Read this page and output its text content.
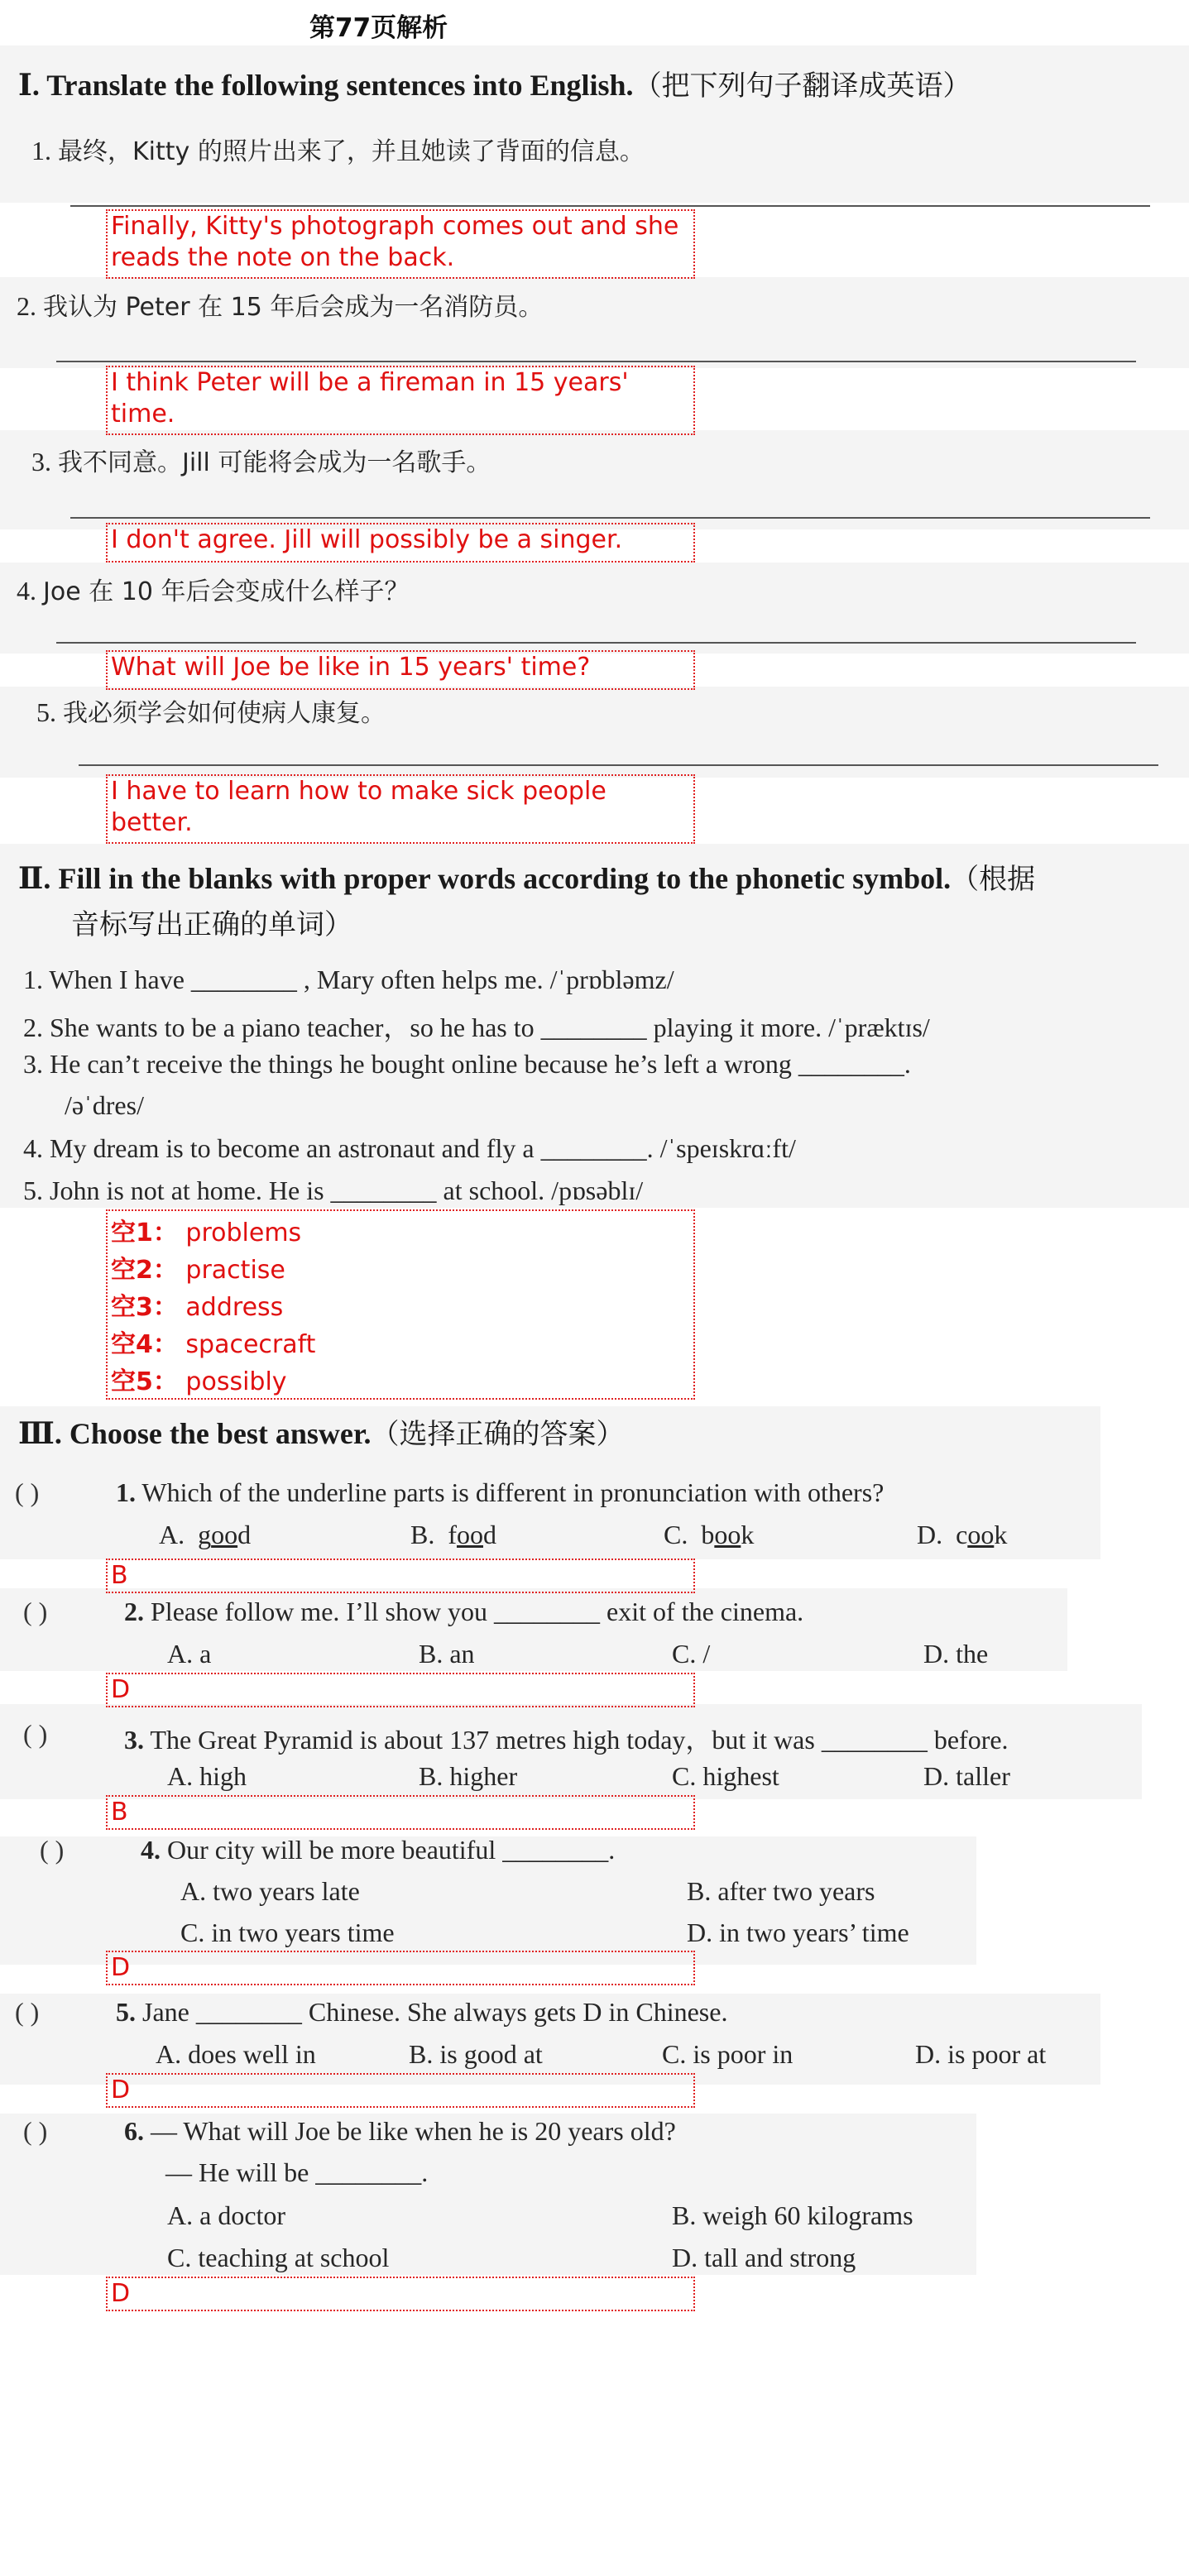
第77页解析
Ⅰ. Translate the following sentences into English.（把下列句子翻译成英语）
1. 最终，Kitty 的照片出来了，并且她读了背面的信息。
Finally, Kitty's photograph comes out and she reads the note on the back.
2. 我认为 Peter 在 15 年后会成为一名消防员。
I think Peter will be a fireman in 15 years' time.
3. 我不同意。Jill 可能将会成为一名歌手。
I don't agree. Jill will possibly be a singer.
4. Joe 在 10 年后会变成什么样子？
What will Joe be like in 15 years' time?
5. 我必须学会如何使病人康复。
I have to learn how to make sick people better.
Ⅱ. Fill in the blanks with proper words according to the phonetic symbol.（根据
音标写出正确的单词）
1. When I have ________ , Mary often helps me. /ˈprɒbləmz/
2. She wants to be a piano teacher，so he has to ________ playing it more. /ˈpræktɪs/
3. He can’t receive the things he bought online because he’s left a wrong ________.
/əˈdres/
4. My dream is to become an astronaut and fly a ________. /ˈspeɪskrɑːft/
5. John is not at home. He is ________ at school. /pɒsəblɪ/
空1： problems
空2： practise
空3： address
空4： spacecraft
空5： possibly
Ⅲ. Choose the best answer.（选择正确的答案）
( )	1. Which of the underline parts is different in pronunciation with others?
A. good	B. food	C. book	D. cook
B
( )	2. Please follow me. I’ll show you ________ exit of the cinema.
A. a	B. an	C. /	D. the
D
( )	3. The Great Pyramid is about 137 metres high today，but it was ________ before.
A. high	B. higher	C. highest	D. taller
B
( )	4. Our city will be more beautiful ________.
A. two years late	B. after two years
C. in two years time	D. in two years’ time
D
( )	5. Jane ________ Chinese. She always gets D in Chinese.
A. does well in	B. is good at	C. is poor in	D. is poor at
D
( )	6. — What will Joe be like when he is 20 years old?
— He will be ________.
A. a doctor	B. weigh 60 kilograms
C. teaching at school	D. tall and strong
D
